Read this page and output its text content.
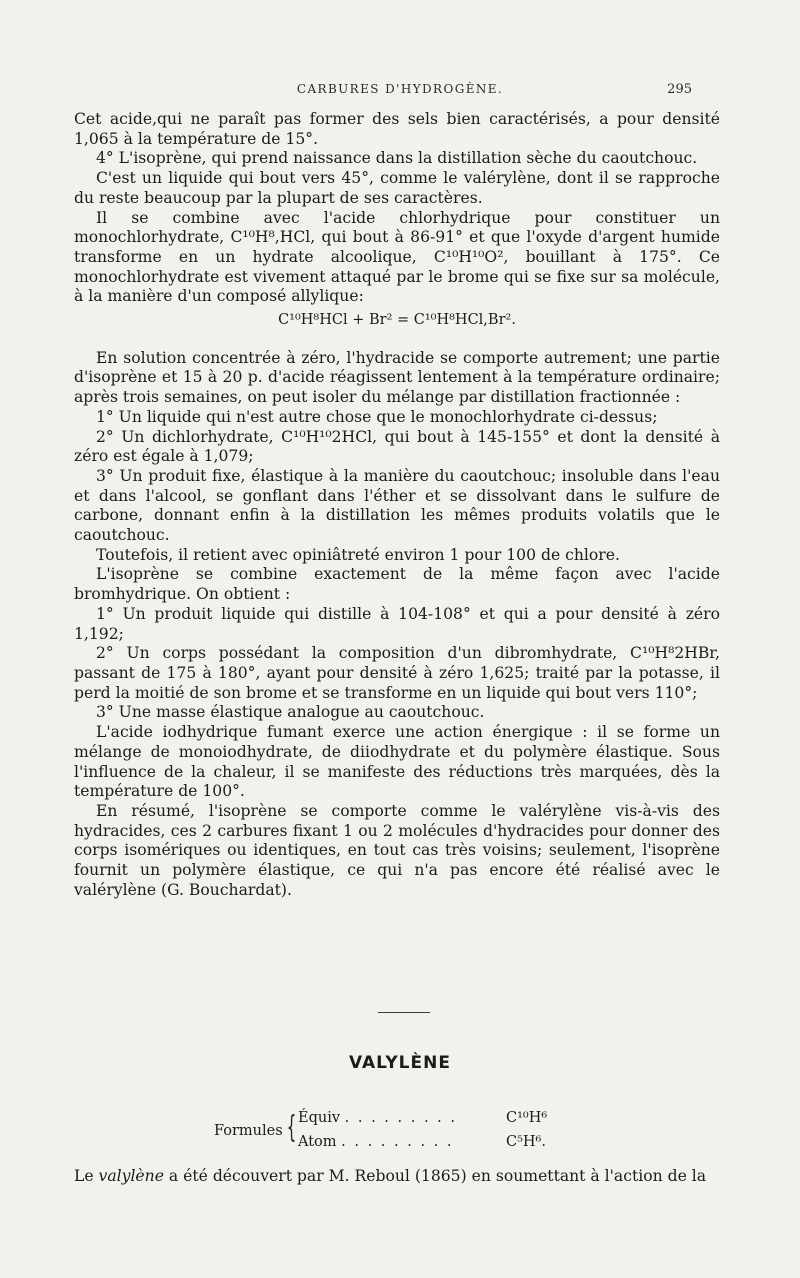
CARBURES D'HYDROGÈNE.	295

Cet acide,qui ne paraît pas former des sels bien caractérisés, a pour densité 1,065 à la température de 15°.

4° L'isoprène, qui prend naissance dans la distillation sèche du caoutchouc.

C'est un liquide qui bout vers 45°, comme le valérylène, dont il se rapproche du reste beaucoup par la plupart de ses caractères.

Il se combine avec l'acide chlorhydrique pour constituer un monochlorhydrate, C¹⁰H⁸,HCl, qui bout à 86-91° et que l'oxyde d'argent humide transforme en un hydrate alcoolique, C¹⁰H¹⁰O², bouillant à 175°. Ce monochlorhydrate est vivement attaqué par le brome qui se fixe sur sa molécule, à la manière d'un composé allylique:

C¹⁰H⁸HCl + Br² = C¹⁰H⁸HCl,Br².

En solution concentrée à zéro, l'hydracide se comporte autrement; une partie d'isoprène et 15 à 20 p. d'acide réagissent lentement à la température ordinaire; après trois semaines, on peut isoler du mélange par distillation fractionnée :

1° Un liquide qui n'est autre chose que le monochlorhydrate ci-dessus;

2° Un dichlorhydrate, C¹⁰H¹⁰2HCl, qui bout à 145-155° et dont la densité à zéro est égale à 1,079;

3° Un produit fixe, élastique à la manière du caoutchouc; insoluble dans l'eau et dans l'alcool, se gonflant dans l'éther et se dissolvant dans le sulfure de carbone, donnant enfin à la distillation les mêmes produits volatils que le caoutchouc.

Toutefois, il retient avec opiniâtreté environ 1 pour 100 de chlore.

L'isoprène se combine exactement de la même façon avec l'acide bromhydrique. On obtient :

1° Un produit liquide qui distille à 104-108° et qui a pour densité à zéro 1,192;

2° Un corps possédant la composition d'un dibromhydrate, C¹⁰H⁸2HBr, passant de 175 à 180°, ayant pour densité à zéro 1,625; traité par la potasse, il perd la moitié de son brome et se transforme en un liquide qui bout vers 110°;

3° Une masse élastique analogue au caoutchouc.

L'acide iodhydrique fumant exerce une action énergique : il se forme un mélange de monoiodhydrate, de diiodhydrate et du polymère élastique. Sous l'influence de la chaleur, il se manifeste des réductions très marquées, dès la température de 100°.

En résumé, l'isoprène se comporte comme le valérylène vis-à-vis des hydracides, ces 2 carbures fixant 1 ou 2 molécules d'hydracides pour donner des corps isomériques ou identiques, en tout cas très voisins; seulement, l'isoprène fournit un polymère élastique, ce qui n'a pas encore été réalisé avec le valérylène (G. Bouchardat).

VALYLÈNE
Formules { Équiv . . . . . . . . .	C¹⁰H⁶
Atom . . . . . . . . .	C⁵H⁶.
Le valylène a été découvert par M. Reboul (1865) en soumettant à l'action de la
